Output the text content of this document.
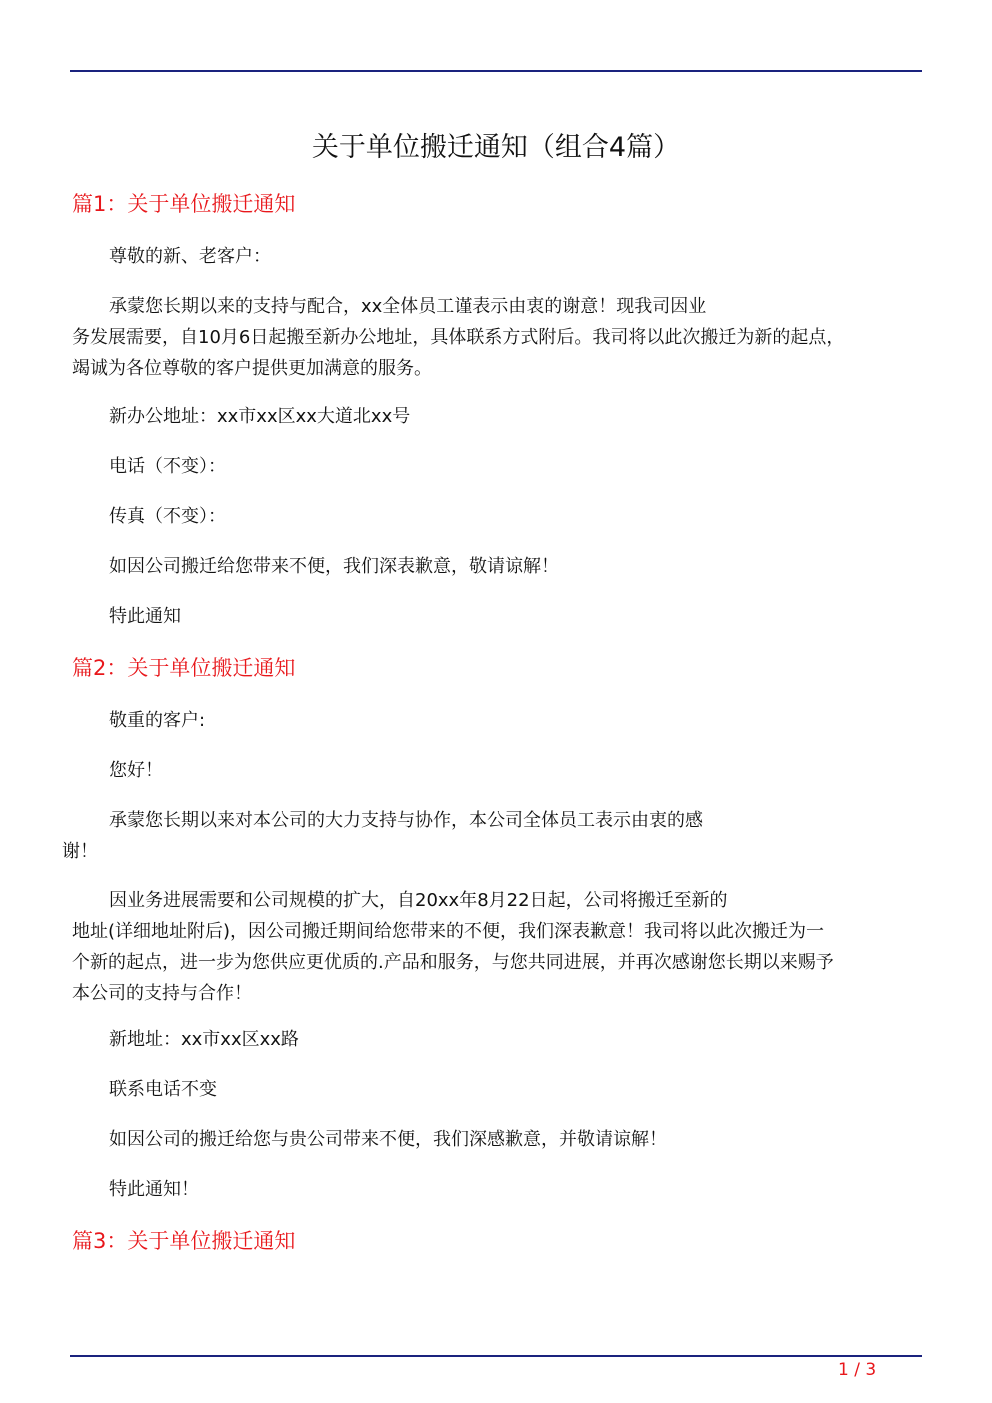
关于单位搬迁通知（组合4篇）
篇1：关于单位搬迁通知
尊敬的新、老客户：
承蒙您长期以来的支持与配合，xx全体员工谨表示由衷的谢意！现我司因业
务发展需要，自10月6日起搬至新办公地址，具体联系方式附后。我司将以此次搬迁为新的起点，
竭诚为各位尊敬的客户提供更加满意的服务。
新办公地址：xx市xx区xx大道北xx号
电话（不变）：
传真（不变）：
如因公司搬迁给您带来不便，我们深表歉意，敬请谅解！
特此通知
篇2：关于单位搬迁通知
敬重的客户:
您好！
承蒙您长期以来对本公司的大力支持与协作，本公司全体员工表示由衷的感
谢！
因业务进展需要和公司规模的扩大，自20xx年8月22日起，公司将搬迁至新的
地址(详细地址附后)，因公司搬迁期间给您带来的不便，我们深表歉意！我司将以此次搬迁为一
个新的起点，进一步为您供应更优质的.产品和服务，与您共同进展，并再次感谢您长期以来赐予
本公司的支持与合作！
新地址：xx市xx区xx路
联系电话不变
如因公司的搬迁给您与贵公司带来不便，我们深感歉意，并敬请谅解！
特此通知！
篇3：关于单位搬迁通知
1 / 3
